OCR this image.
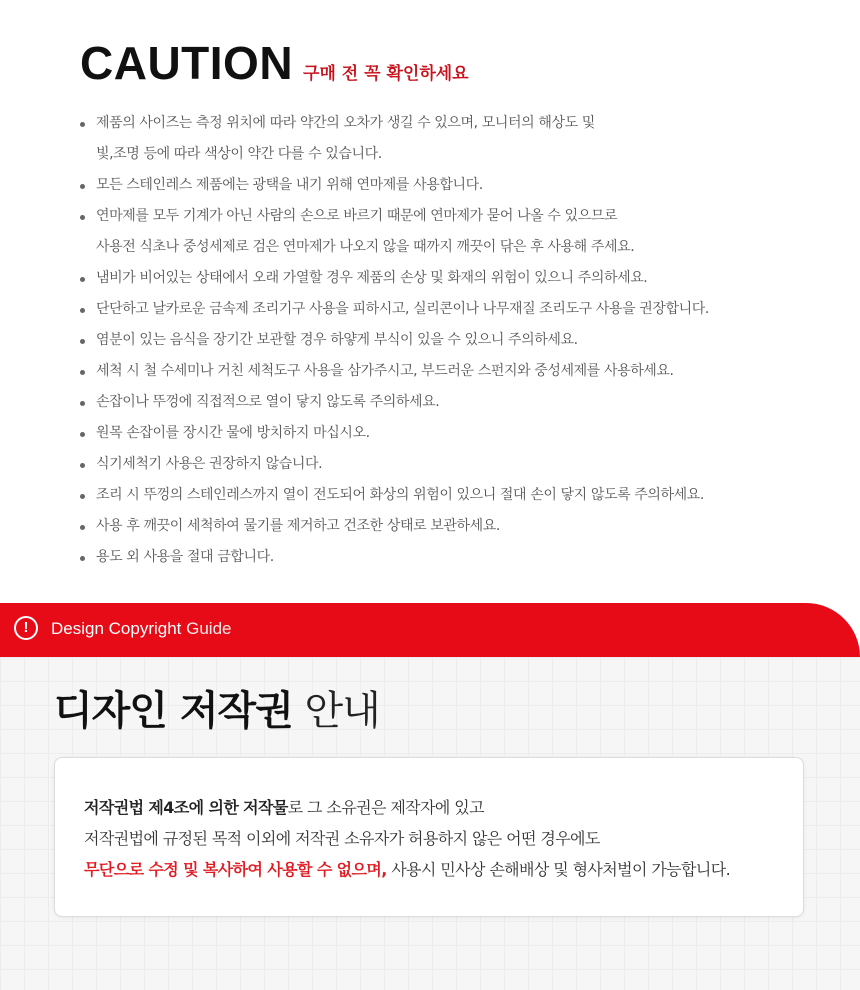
CAUTION 구매 전 꼭 확인하세요
제품의 사이즈는 측정 위치에 따라 약간의 오차가 생길 수 있으며, 모니터의 해상도 및
빛,조명 등에 따라 색상이 약간 다를 수 있습니다.
모든 스테인레스 제품에는 광택을 내기 위해 연마제를 사용합니다.
연마제를 모두 기계가 아닌 사람의 손으로 바르기 때문에 연마제가 묻어 나올 수 있으므로
사용전 식초나 중성세제로 검은 연마제가 나오지 않을 때까지 깨끗이 닦은 후 사용해 주세요.
냄비가 비어있는 상태에서 오래 가열할 경우 제품의 손상 및 화재의 위험이 있으니 주의하세요.
단단하고 날카로운 금속제 조리기구 사용을 피하시고, 실리콘이나 나무재질 조리도구 사용을 권장합니다.
염분이 있는 음식을 장기간 보관할 경우 하얗게 부식이 있을 수 있으니 주의하세요.
세척 시 철 수세미나 거친 세척도구 사용을 삼가주시고, 부드러운 스펀지와 중성세제를 사용하세요.
손잡이나 뚜껑에 직접적으로 열이 닿지 않도록 주의하세요.
원목 손잡이를 장시간 물에 방치하지 마십시오.
식기세척기 사용은 권장하지 않습니다.
조리 시 뚜껑의 스테인레스까지 열이 전도되어 화상의 위험이 있으니 절대 손이 닿지 않도록 주의하세요.
사용 후 깨끗이 세척하여 물기를 제거하고 건조한 상태로 보관하세요.
용도 외 사용을 절대 금합니다.
!	Design Copyright Guide
디자인 저작권 안내
저작권법 제4조에 의한 저작물로 그 소유권은 제작자에 있고
저작권법에 규정된 목적 이외에 저작권 소유자가 허용하지 않은 어떤 경우에도
무단으로 수정 및 복사하여 사용할 수 없으며, 사용시 민사상 손해배상 및 형사처벌이 가능합니다.
